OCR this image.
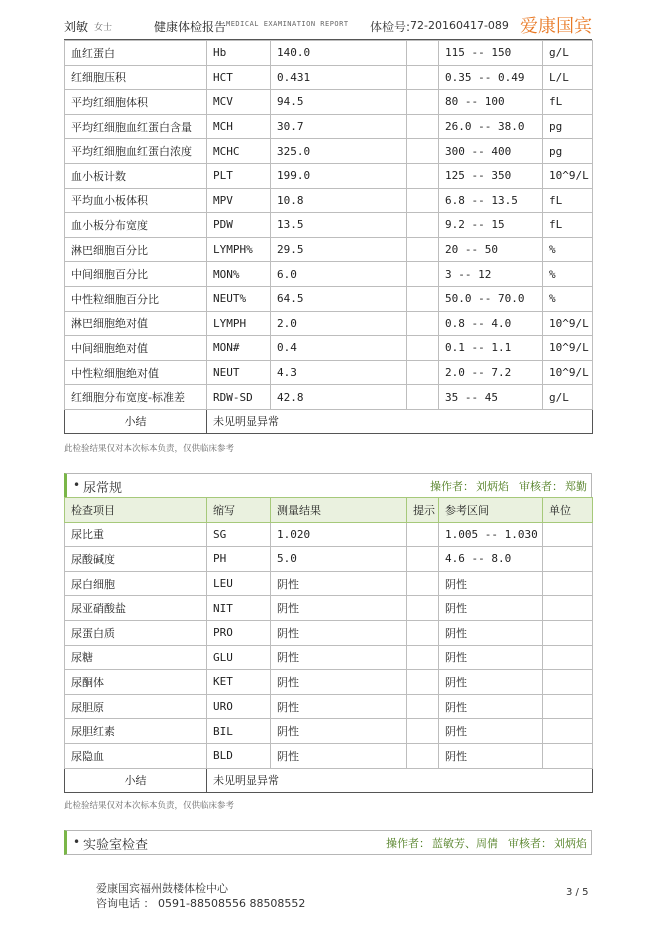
刘敏 女士	健康体检报告 MEDICAL EXAMINATION REPORT 体检号: 72-20160417-089 爱康国宾
血红蛋白	Hb	140.0		115 -- 150	g/L
红细胞压积	HCT	0.431		0.35 -- 0.49	L/L
平均红细胞体积	MCV	94.5		80 -- 100	fL
平均红细胞血红蛋白含量	MCH	30.7		26.0 -- 38.0	pg
平均红细胞血红蛋白浓度	MCHC	325.0		300 -- 400	pg
血小板计数	PLT	199.0		125 -- 350	10^9/L
平均血小板体积	MPV	10.8		6.8 -- 13.5	fL
血小板分布宽度	PDW	13.5		9.2 -- 15	fL
淋巴细胞百分比	LYMPH%	29.5		20 -- 50	%
中间细胞百分比	MON%	6.0		3 -- 12	%
中性粒细胞百分比	NEUT%	64.5		50.0 -- 70.0	%
淋巴细胞绝对值	LYMPH	2.0		0.8 -- 4.0	10^9/L
中间细胞绝对值	MON#	0.4		0.1 -- 1.1	10^9/L
中性粒细胞绝对值	NEUT	4.3		2.0 -- 7.2	10^9/L
红细胞分布宽度-标准差	RDW-SD	42.8		35 -- 45	g/L
小结	未见明显异常				
此检验结果仅对本次标本负责，仅供临床参考
• 尿常规	操作者： 刘炳焰 审核者： 郑勤
检查项目	缩写	测量结果	提示	参考区间	单位
尿比重	SG	1.020		1.005 -- 1.030	
尿酸碱度	PH	5.0		4.6 -- 8.0	
尿白细胞	LEU	阴性		阴性	
尿亚硝酸盐	NIT	阴性		阴性	
尿蛋白质	PRO	阴性		阴性	
尿糖	GLU	阴性		阴性	
尿酮体	KET	阴性		阴性	
尿胆原	URO	阴性		阴性	
尿胆红素	BIL	阴性		阴性	
尿隐血	BLD	阴性		阴性	
小结	未见明显异常				
此检验结果仅对本次标本负责，仅供临床参考
• 实验室检查	操作者： 蓝敏芳、周倩 审核者： 刘炳焰
爱康国宾福州鼓楼体检中心
咨询电话 ： 0591-88508556 88508552
3 / 5
